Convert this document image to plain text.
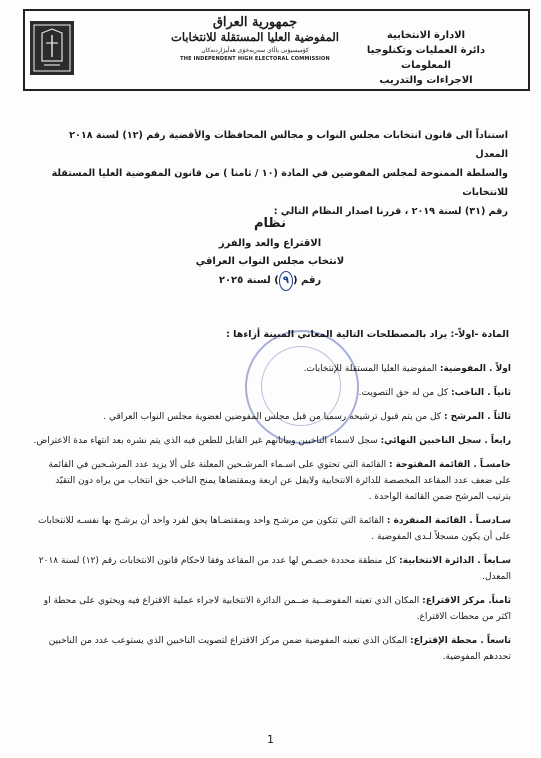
جمهورية العراق
المفوضية العليا المستقلة للانتخابات
كۆمیسیۆنی باڵای سەربەخۆی هەڵبژاردنەکان
THE INDEPENDENT HIGH ELECTORAL COMMISSION
الادارة الانتخابية
دائرة العمليات وتكنلوجيا المعلومات
الاجراءات والتدريب
استناداً الى قانون انتخابات مجلس النواب و مجالس المحافظات والأقضية رقم (١٢) لسنة ٢٠١٨ المعدل
والسلطة الممنوحة لمجلس المفوضين في المادة (١٠ / ثامنا ) من قانون المفوضية العليا المستقلة للانتخابات
رقم (٣١) لسنة ٢٠١٩ ، قررنا اصدار النظام التالي :
نظام
الاقتراع والعد والفرز
لانتخاب مجلس النواب العراقي
رقم (٩) لسنة ٢٠٢٥
المادة -اولاً-: يراد بالمصطلحات التالية المعاني المبينة أزاءها :

اولاً . المفوضية: المفوضية العليا المستقلة للإنتخابات.

ثانياً . الناخب: كل من له حق التصويت.

ثالثاً . المرشح : كل من يتم قبول ترشيحه رسميا من قبل مجلس المفوضين لعضوية مجلس النواب العراقي .

رابعاً . سجل الناخبين النهائي: سجل لاسماء الناخبين وبياناتهم غير القابل للطعن فيه الذي يتم نشره بعد انتهاء مدة الاعتراض.

خامسـاً . القائمة المفتوحة : القائمة التي تحتوي على اسـماء المرشـحين المعلنة على ألا يزيد عدد المرشـحين في القائمة على ضعف عدد المقاعد المخصصة للدائرة الانتخابية ولايقل عن اربعة وبمقتضاها يمنح الناخب حق انتخاب من يراه دون التقيّد بترتيب المرشح ضمن القائمة الواحدة .

سـادسـاً . القائمة المنفردة : القائمة التي تتكون من مرشـح واحد وبمقتضـاها يحق لفرد واحد أن يرشـح بها نفسـه للانتخابات على أن يكون مسجلاً لـدى المفوضية .

سـابعاً . الدائرة الانتخابية: كل منطقة محددة خصـص لها عدد من المقاعد وفقا لاحكام قانون الانتخابات رقم (١٢) لسنة ٢٠١٨ المعدل.

ثامناً. مركز الاقتراع: المكان الذي تعينه المفوضــية ضــمن الدائرة الانتخابية لاجراء عملية الاقتراع فيه ويحتوي على محطة او اكثر من محطات الاقتراع.

تاسعاً . محطة الإقتراع: المكان الذي تعينه المفوضية ضمن مركز الاقتراع لتصويت الناخبين الذي يستوعب عدد من الناخبين تحددهم المفوضية.

1
